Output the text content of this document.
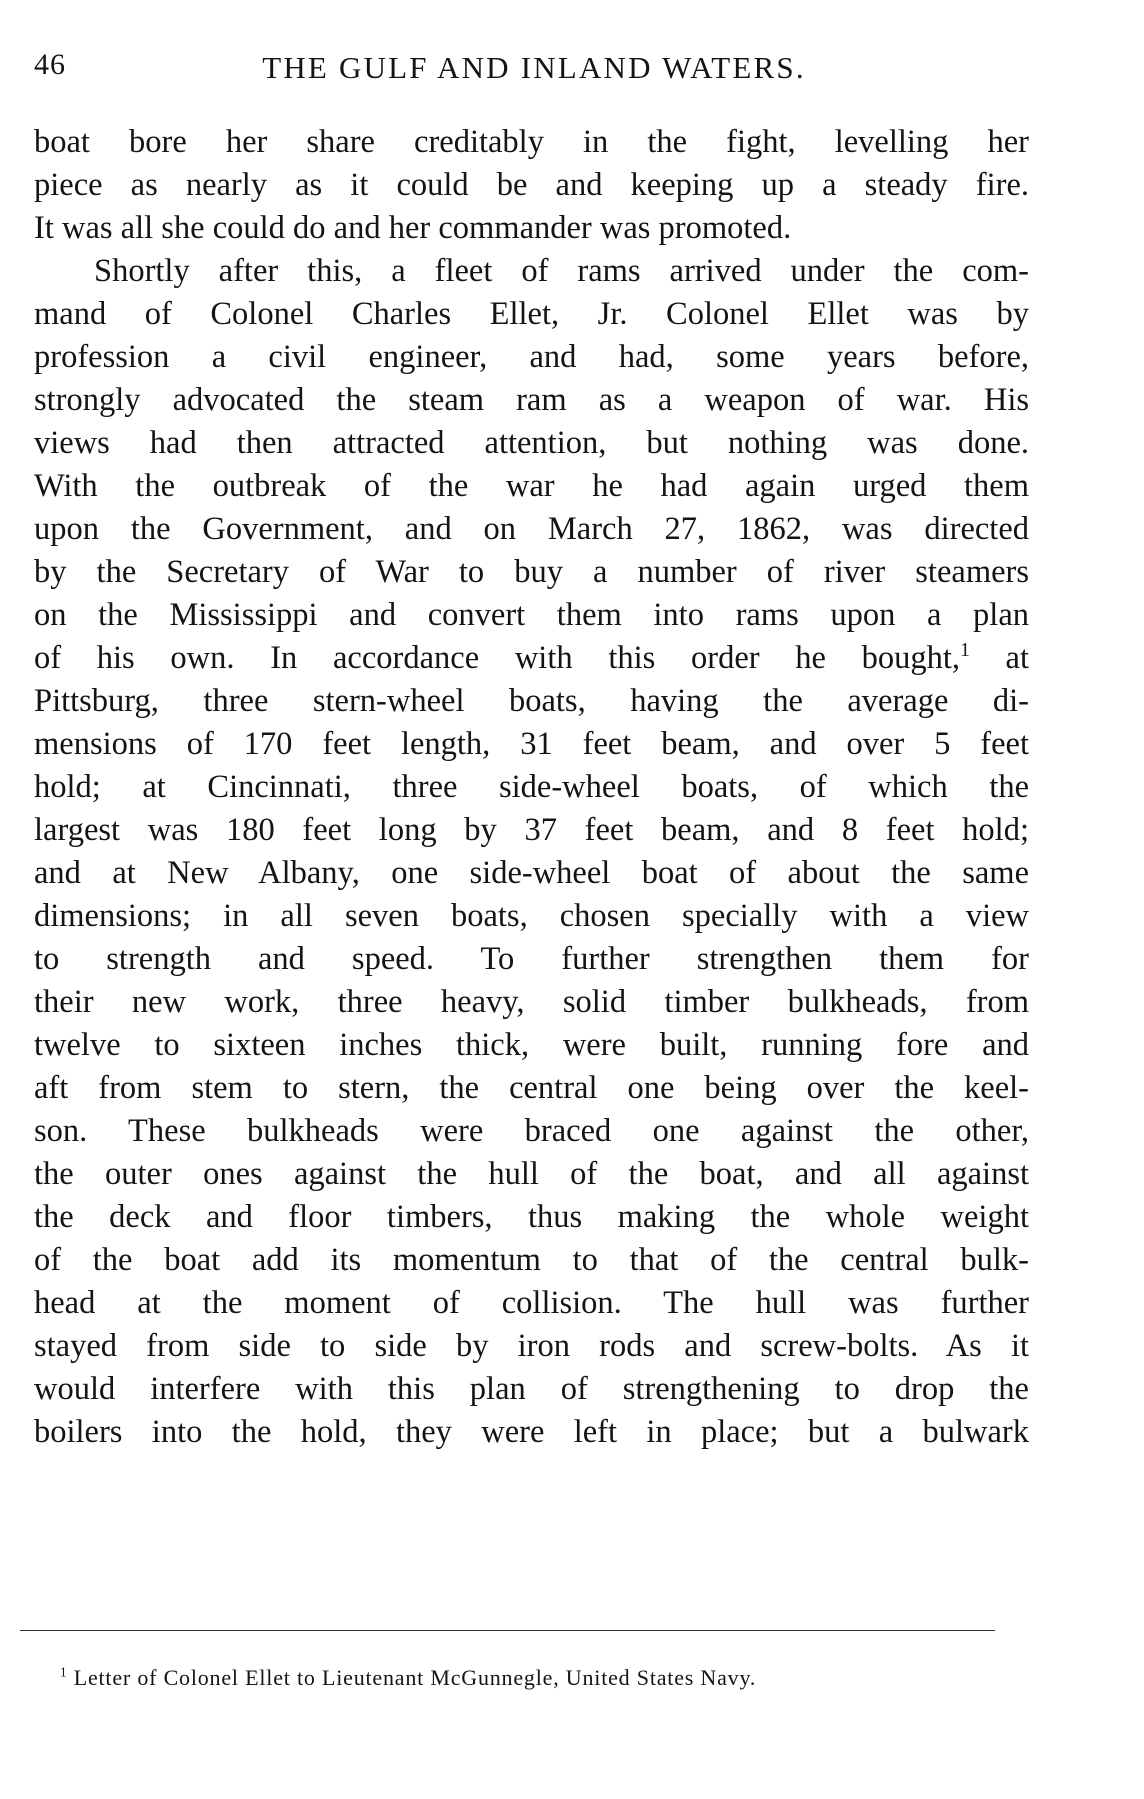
46	THE GULF AND INLAND WATERS.
boat bore her share creditably in the fight, levelling her
piece as nearly as it could be and keeping up a steady fire.
It was all she could do and her commander was promoted.
Shortly after this, a fleet of rams arrived under the com-
mand of Colonel Charles Ellet, Jr. Colonel Ellet was by
profession a civil engineer, and had, some years before,
strongly advocated the steam ram as a weapon of war. His
views had then attracted attention, but nothing was done.
With the outbreak of the war he had again urged them
upon the Government, and on March 27, 1862, was directed
by the Secretary of War to buy a number of river steamers
on the Mississippi and convert them into rams upon a plan
of his own. In accordance with this order he bought,$^1$ at
Pittsburg, three stern-wheel boats, having the average di-
mensions of 170 feet length, 31 feet beam, and over 5 feet
hold; at Cincinnati, three side-wheel boats, of which the
largest was 180 feet long by 37 feet beam, and 8 feet hold;
and at New Albany, one side-wheel boat of about the same
dimensions; in all seven boats, chosen specially with a view
to strength and speed. To further strengthen them for
their new work, three heavy, solid timber bulkheads, from
twelve to sixteen inches thick, were built, running fore and
aft from stem to stern, the central one being over the keel-
son. These bulkheads were braced one against the other,
the outer ones against the hull of the boat, and all against
the deck and floor timbers, thus making the whole weight
of the boat add its momentum to that of the central bulk-
head at the moment of collision. The hull was further
stayed from side to side by iron rods and screw-bolts. As it
would interfere with this plan of strengthening to drop the
boilers into the hold, they were left in place; but a bulwark
$^1$ Letter of Colonel Ellet to Lieutenant McGunnegle, United States Navy.
